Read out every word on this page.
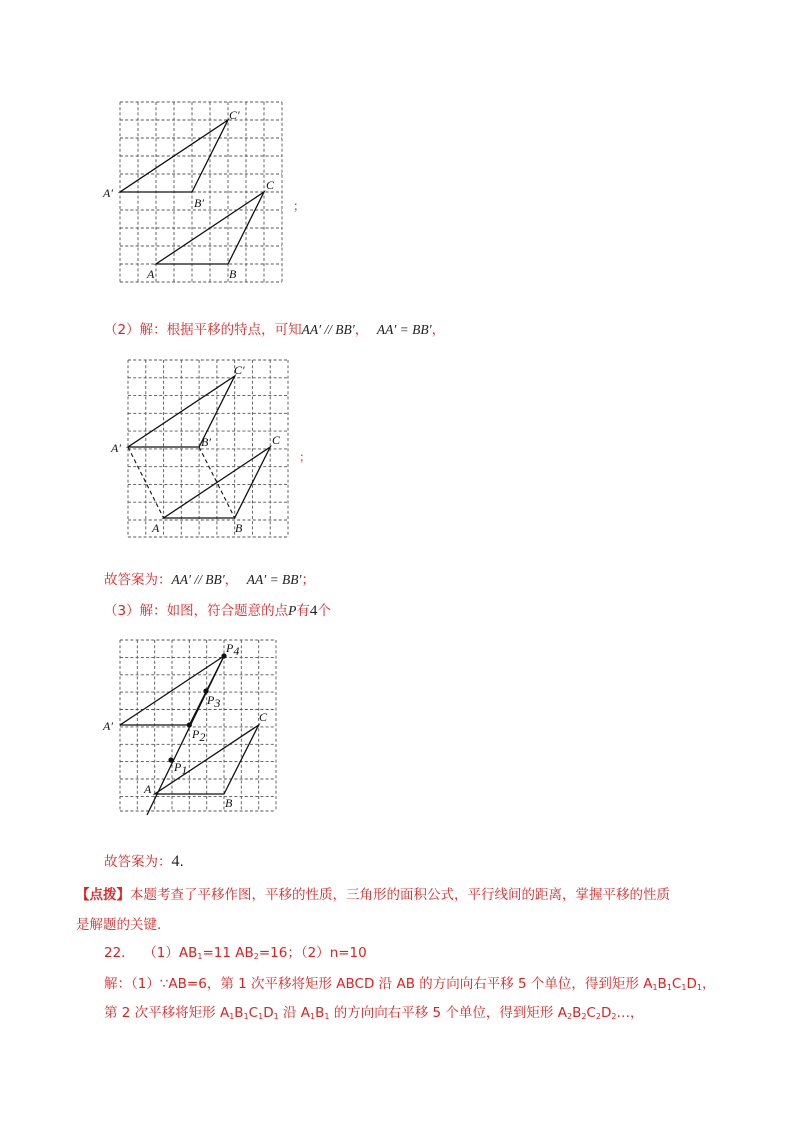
A	B
C
A′
B′
C′
；
（2）解：根据平移的特点，可知AA′ // BB′， AA′ = BB′，
A	B
C
A′	B′
C′
；
故答案为：AA′ // BB′， AA′ = BB′；
（3）解：如图，符合题意的点P有4个
A
B
C
A′
P1
P2
P3
P4
故答案为：4.
【点拨】本题考查了平移作图，平移的性质，三角形的面积公式，平行线间的距离，掌握平移的性质
是解题的关键.
22． $(1)AB_1=11$ $AB_2=16$；（2）n=10
解：（1）∵AB=6，第 1 次平移将矩形 ABCD 沿 AB 的方向向右平移 5 个单位，得到矩形 $A_1B_1C_1D_1$，
第 2 次平移将矩形 $A_1B_1C_1D_1$ 沿 $A_1B_1$ 的方向向右平移 5 个单位，得到矩形 $A_2B_2C_2D_2\dots$，
